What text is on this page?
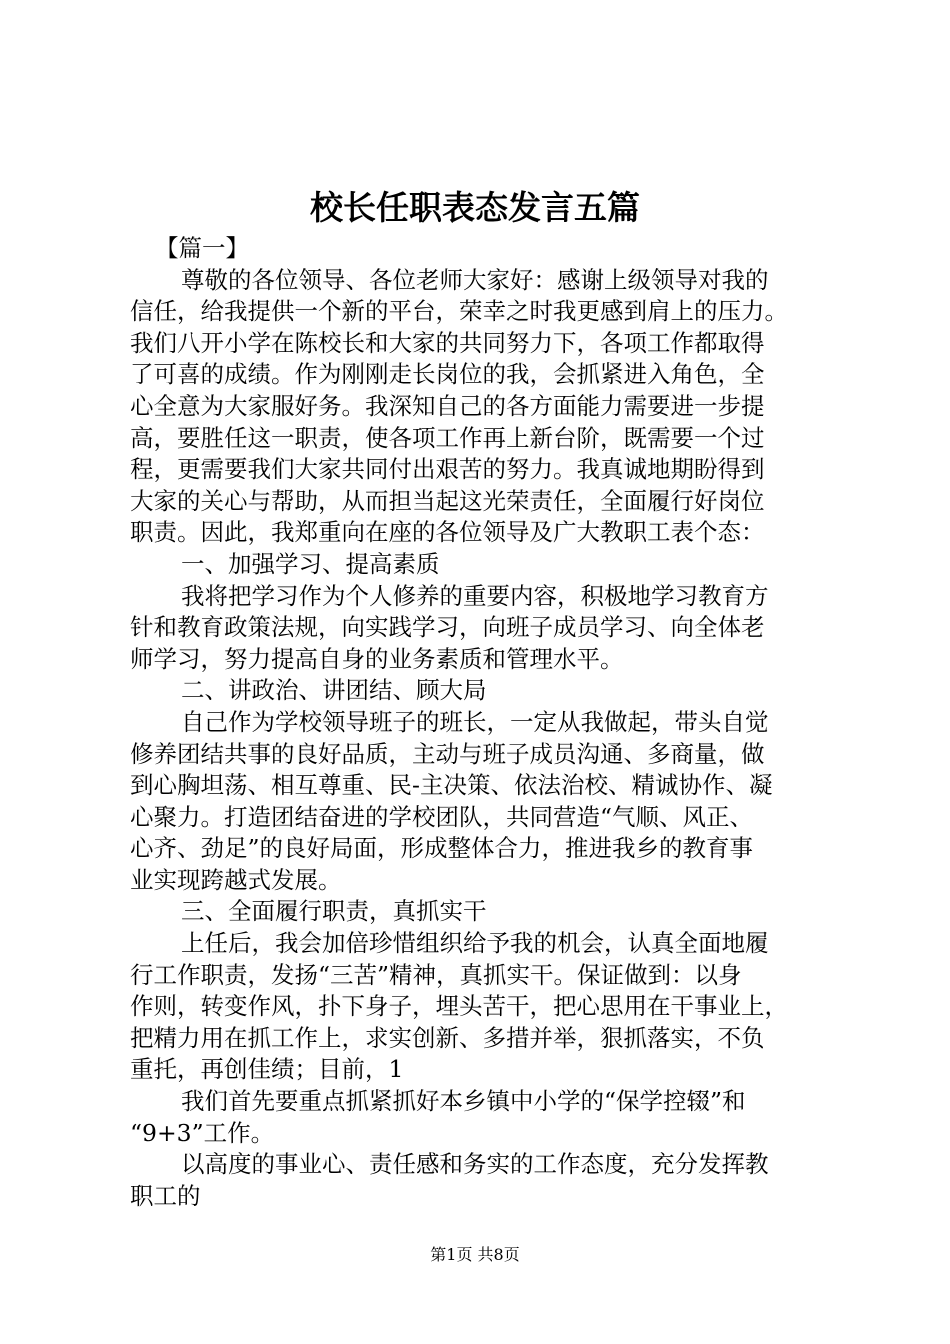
校长任职表态发言五篇
【篇一】
尊敬的各位领导、各位老师大家好：感谢上级领导对我的
信任，给我提供一个新的平台，荣幸之时我更感到肩上的压力。
我们八开小学在陈校长和大家的共同努力下，各项工作都取得
了可喜的成绩。作为刚刚走长岗位的我，会抓紧进入角色，全
心全意为大家服好务。我深知自己的各方面能力需要进一步提
高，要胜任这一职责，使各项工作再上新台阶，既需要一个过
程，更需要我们大家共同付出艰苦的努力。我真诚地期盼得到
大家的关心与帮助，从而担当起这光荣责任，全面履行好岗位
职责。因此，我郑重向在座的各位领导及广大教职工表个态：
一、加强学习、提高素质
我将把学习作为个人修养的重要内容，积极地学习教育方
针和教育政策法规，向实践学习，向班子成员学习、向全体老
师学习，努力提高自身的业务素质和管理水平。
二、讲政治、讲团结、顾大局
自己作为学校领导班子的班长，一定从我做起，带头自觉
修养团结共事的良好品质，主动与班子成员沟通、多商量，做
到心胸坦荡、相互尊重、民-主决策、依法治校、精诚协作、凝
心聚力。打造团结奋进的学校团队，共同营造“气顺、风正、
心齐、劲足”的良好局面，形成整体合力，推进我乡的教育事
业实现跨越式发展。
三、全面履行职责，真抓实干
上任后，我会加倍珍惜组织给予我的机会，认真全面地履
行工作职责，发扬“三苦”精神，真抓实干。保证做到：以身
作则，转变作风，扑下身子，埋头苦干，把心思用在干事业上，
把精力用在抓工作上，求实创新、多措并举，狠抓落实，不负
重托，再创佳绩；目前，1
我们首先要重点抓紧抓好本乡镇中小学的“保学控辍”和
“9+3”工作。
以高度的事业心、责任感和务实的工作态度，充分发挥教
职工的
第1页 共8页
